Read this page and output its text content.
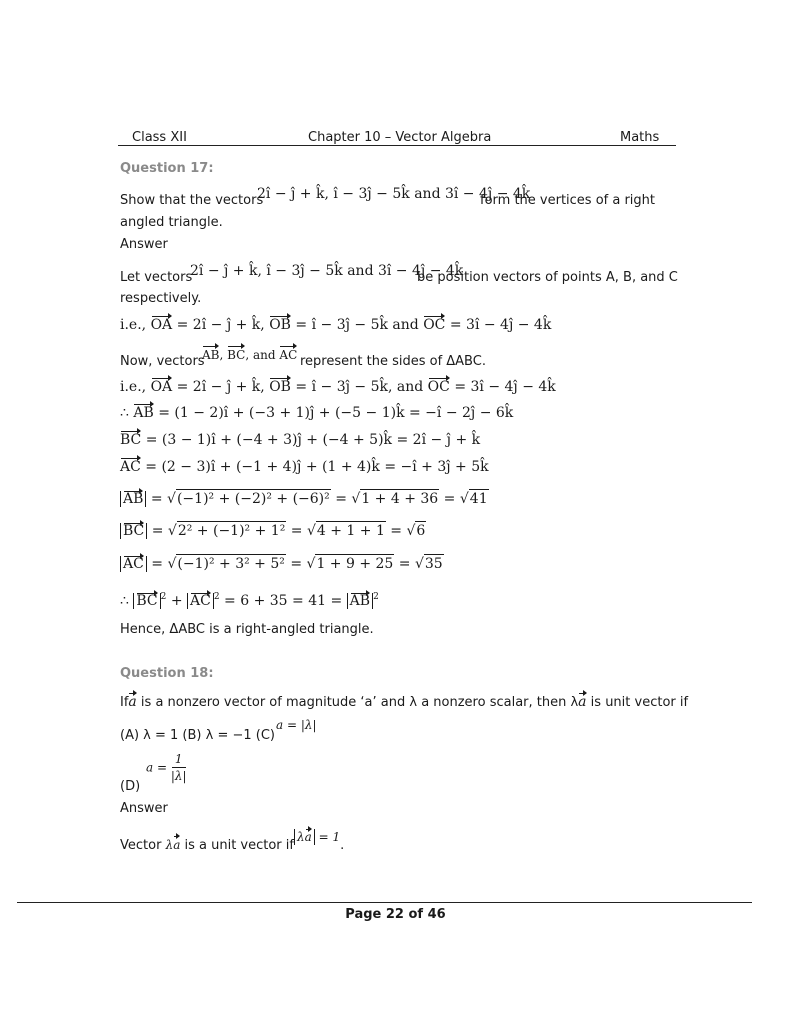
Class XII	Chapter 10 – Vector Algebra	Maths
Question 17:
Show that the vectors
2î − ĵ + k̂, î − 3ĵ − 5k̂ and 3î − 4ĵ − 4k̂
form the vertices of a right
angled triangle.
Answer
Let vectors
2î − ĵ + k̂, î − 3ĵ − 5k̂ and 3î − 4ĵ − 4k̂
be position vectors of points A, B, and C
respectively.
i.e., OA = 2î − ĵ + k̂, OB = î − 3ĵ − 5k̂ and OC = 3î − 4ĵ − 4k̂
Now, vectors
AB, BC, and AC represent the sides of ΔABC.
i.e., OA = 2î − ĵ + k̂, OB = î − 3ĵ − 5k̂, and OC = 3î − 4ĵ − 4k̂
∴ AB = (1 − 2)î + (−3 + 1)ĵ + (−5 − 1)k̂ = −î − 2ĵ − 6k̂
BC = (3 − 1)î + (−4 + 3)ĵ + (−4 + 5)k̂ = 2î − ĵ + k̂
AC = (2 − 3)î + (−1 + 4)ĵ + (1 + 4)k̂ = −î + 3ĵ + 5k̂
AB = √(−1)² + (−2)² + (−6)² = √1 + 4 + 36 = √41
BC = √2² + (−1)² + 1² = √4 + 1 + 1 = √6
AC = √(−1)² + 3² + 5² = √1 + 9 + 25 = √35
∴ BC $^2$ + AC $^2$ = 6 + 35 = 41 = AB $^2$
Hence, ΔABC is a right-angled triangle.
Question 18:
Ifa is a nonzero vector of magnitude ‘a’ and λ a nonzero scalar, then λa is unit vector if
(A) λ = 1 (B) λ = −1 (C)
a = |λ|
$a = \frac{1}{|\lambda|}$
(D)
Answer
Vector λa is a unit vector ifλa = 1.
Page 22 of 46
